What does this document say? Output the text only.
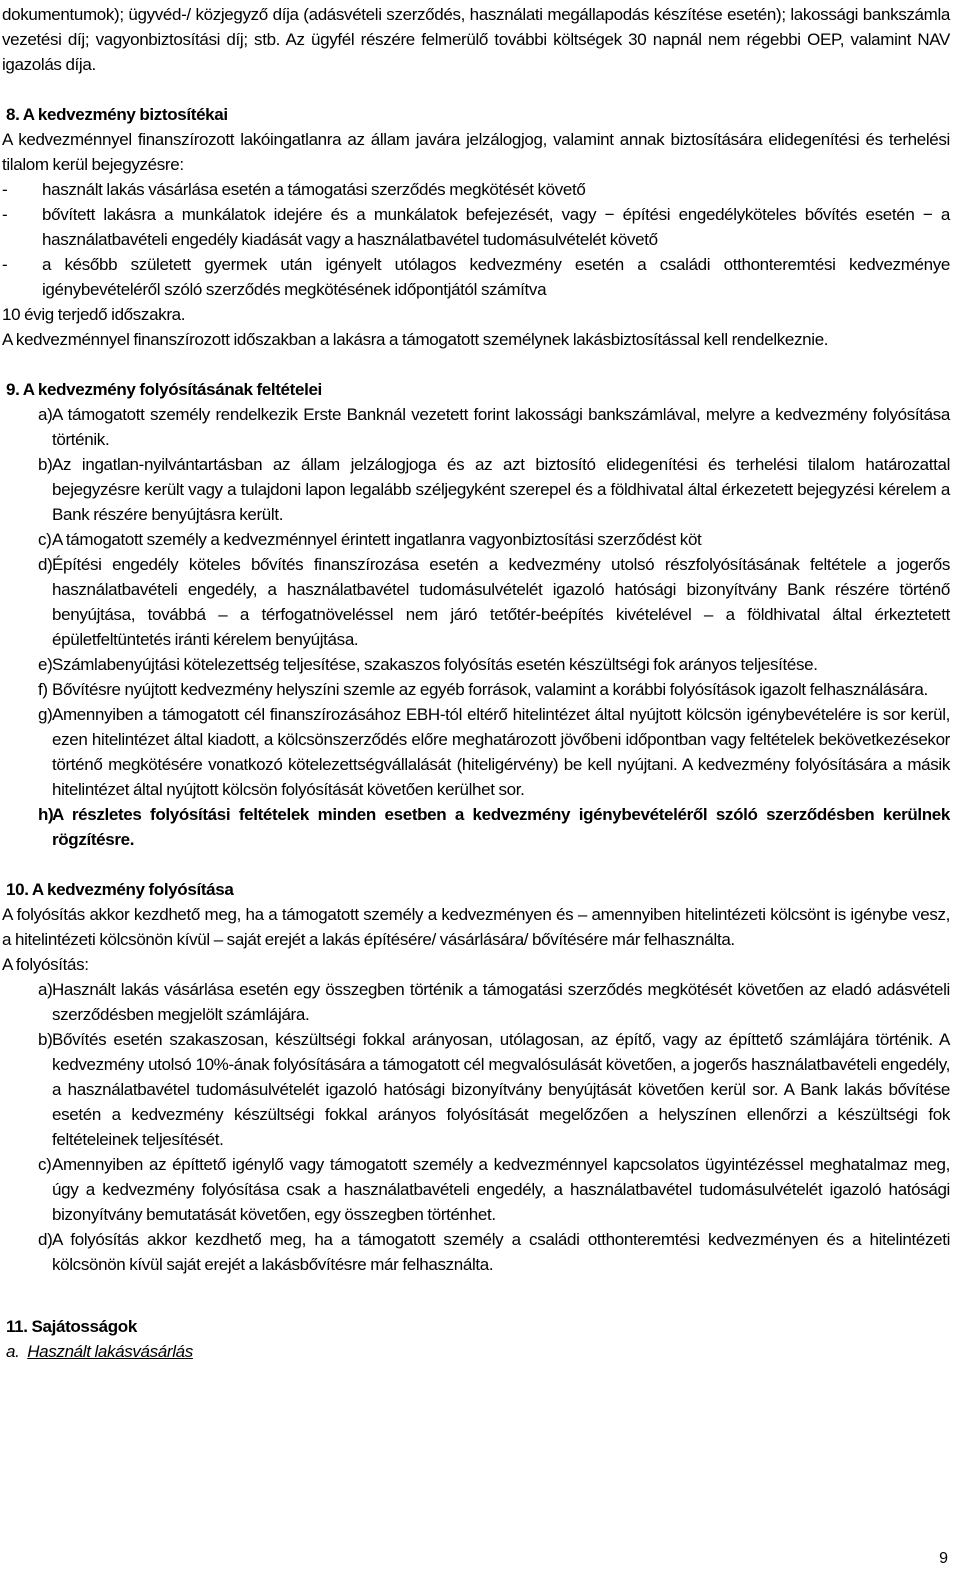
dokumentumok); ügyvéd-/ közjegyző díja (adásvételi szerződés, használati megállapodás készítése esetén); lakossági bankszámla vezetési díj; vagyonbiztosítási díj; stb. Az ügyfél részére felmerülő további költségek 30 napnál nem régebbi OEP, valamint NAV igazolás díja.

8. A kedvezmény biztosítékai

A kedvezménnyel finanszírozott lakóingatlanra az állam javára jelzálogjog, valamint annak biztosítására elidegenítési és terhelési tilalom kerül bejegyzésre:

- használt lakás vásárlása esetén a támogatási szerződés megkötését követő
- bővített lakásra a munkálatok idejére és a munkálatok befejezését, vagy − építési engedélyköteles bővítés esetén − a használatbavételi engedély kiadását vagy a használatbavétel tudomásulvételét követő
- a később született gyermek után igényelt utólagos kedvezmény esetén a családi otthonteremtési kedvezménye igénybevételéről szóló szerződés megkötésének időpontjától számítva

10 évig terjedő időszakra.

A kedvezménnyel finanszírozott időszakban a lakásra a támogatott személynek lakásbiztosítással kell rendelkeznie.

9. A kedvezmény folyósításának feltételei

a) A támogatott személy rendelkezik Erste Banknál vezetett forint lakossági bankszámlával, melyre a kedvezmény folyósítása történik.
b) Az ingatlan-nyilvántartásban az állam jelzálogjoga és az azt biztosító elidegenítési és terhelési tilalom határozattal bejegyzésre került vagy a tulajdoni lapon legalább széljegyként szerepel és a földhivatal által érkezetett bejegyzési kérelem a Bank részére benyújtásra került.
c) A támogatott személy a kedvezménnyel érintett ingatlanra vagyonbiztosítási szerződést köt
d) Építési engedély köteles bővítés finanszírozása esetén a kedvezmény utolsó részfolyósításának feltétele a jogerős használatbavételi engedély, a használatbavétel tudomásulvételét igazoló hatósági bizonyítvány Bank részére történő benyújtása, továbbá – a térfogatnöveléssel nem járó tetőtér-beépítés kivételével – a földhivatal által érkeztetett épületfeltüntetés iránti kérelem benyújtása.
e) Számlabenyújtási kötelezettség teljesítése, szakaszos folyósítás esetén készültségi fok arányos teljesítése.
f) Bővítésre nyújtott kedvezmény helyszíni szemle az egyéb források, valamint a korábbi folyósítások igazolt felhasználására.
g) Amennyiben a támogatott cél finanszírozásához EBH-tól eltérő hitelintézet által nyújtott kölcsön igénybevételére is sor kerül, ezen hitelintézet által kiadott, a kölcsönszerződés előre meghatározott jövőbeni időpontban vagy feltételek bekövetkezésekor történő megkötésére vonatkozó kötelezettségvállalását (hiteligérvény) be kell nyújtani. A kedvezmény folyósítására a másik hitelintézet által nyújtott kölcsön folyósítását követően kerülhet sor.
h)
A részletes folyósítási feltételek minden esetben a kedvezmény igénybevételéről szóló szerződésben kerülnek rögzítésre.

10. A kedvezmény folyósítása

A folyósítás akkor kezdhető meg, ha a támogatott személy a kedvezményen és – amennyiben hitelintézeti kölcsönt is igénybe vesz, a hitelintézeti kölcsönön kívül – saját erejét a lakás építésére/ vásárlására/ bővítésére már felhasználta.

A folyósítás:

a) Használt lakás vásárlása esetén egy összegben történik a támogatási szerződés megkötését követően az eladó adásvételi szerződésben megjelölt számlájára.
b) Bővítés esetén szakaszosan, készültségi fokkal arányosan, utólagosan, az építő, vagy az építtető számlájára történik. A kedvezmény utolsó 10%-ának folyósítására a támogatott cél megvalósulását követően, a jogerős használatbavételi engedély, a használatbavétel tudomásulvételét igazoló hatósági bizonyítvány benyújtását követően kerül sor. A Bank lakás bővítése esetén a kedvezmény készültségi fokkal arányos folyósítását megelőzően a helyszínen ellenőrzi a készültségi fok feltételeinek teljesítését.
c) Amennyiben az építtető igénylő vagy támogatott személy a kedvezménnyel kapcsolatos ügyintézéssel meghatalmaz meg, úgy a kedvezmény folyósítása csak a használatbavételi engedély, a használatbavétel tudomásulvételét igazoló hatósági bizonyítvány bemutatását követően, egy összegben történhet.
d) A folyósítás akkor kezdhető meg, ha a támogatott személy a családi otthonteremtési kedvezményen és a hitelintézeti kölcsönön kívül saját erejét a lakásbővítésre már felhasználta.

11. Sajátosságok

a. Használt lakásvásárlás

9
